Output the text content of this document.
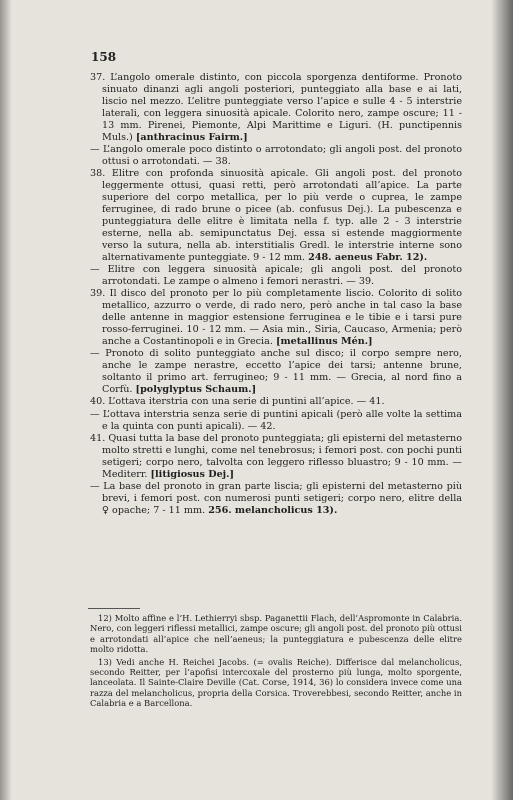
158

37. L’angolo omerale distinto, con piccola sporgenza dentiforme. Pronoto sinuato dinanzi agli angoli posteriori, punteggiato alla base e ai lati, liscio nel mezzo. L’elitre punteggiate verso l’apice e sulle 4 - 5 interstrie laterali, con leggera sinuosità apicale. Colorito nero, zampe oscure; 11 - 13 mm. Pirenei, Piemonte, Alpi Marittime e Liguri. (H. punctipennis Muls.) [anthracinus Fairm.]

— L’angolo omerale poco distinto o arrotondato; gli angoli post. del pronoto ottusi o arrotondati. — 38.

38. Elitre con profonda sinuosità apicale. Gli angoli post. del pronoto leggermente ottusi, quasi retti, però arrotondati all’apice. La parte superiore del corpo metallica, per lo più verde o cuprea, le zampe ferruginee, di rado brune o picee (ab. confusus Dej.). La pubescenza e punteggiatura delle elitre è limitata nella f. typ. alle 2 - 3 interstrie esterne, nella ab. semipunctatus Dej. essa si estende maggiormente verso la sutura, nella ab. interstitialis Gredl. le interstrie interne sono alternativamente punteggiate. 9 - 12 mm. 248. aeneus Fabr. 12).

— Elitre con leggera sinuosità apicale; gli angoli post. del pronoto arrotondati. Le zampe o almeno i femori nerastri. — 39.

39. Il disco del pronoto per lo più completamente liscio. Colorito di solito metallico, azzurro o verde, di rado nero, però anche in tal caso la base delle antenne in maggior estensione ferruginea e le tibie e i tarsi pure rosso-ferruginei. 10 - 12 mm. — Asia min., Siria, Caucaso, Armenia; però anche a Costantinopoli e in Grecia. [metallinus Mén.]

— Pronoto di solito punteggiato anche sul disco; il corpo sempre nero, anche le zampe nerastre, eccetto l’apice dei tarsi; antenne brune, soltanto il primo art. ferrugineo; 9 - 11 mm. — Grecia, al nord fino a Corfù. [polyglyptus Schaum.]

40. L’ottava iterstria con una serie di puntini all’apice. — 41.

— L’ottava interstria senza serie di puntini apicali (però alle volte la settima e la quinta con punti apicali). — 42.

41. Quasi tutta la base del pronoto punteggiata; gli episterni del metasterno molto stretti e lunghi, come nel tenebrosus; i femori post. con pochi punti setigeri; corpo nero, talvolta con leggero riflesso bluastro; 9 - 10 mm. — Mediterr. [litigiosus Dej.]

— La base del pronoto in gran parte liscia; gli episterni del metasterno più brevi, i femori post. con numerosi punti setigeri; corpo nero, elitre della ♀ opache; 7 - 11 mm. 256. melancholicus 13).

12) Molto affine e l’H. Lethierryi sbsp. Paganettii Flach, dell’Aspromonte in Calabria. Nero, con leggeri riflessi metallici, zampe oscure; gli angoli post. del pronoto più ottusi e arrotondati all’apice che nell’aeneus; la punteggiatura e pubescenza delle elitre molto ridotta.

13) Vedi anche H. Reichei Jacobs. (= ovalis Reiche). Differisce dal melancholicus, secondo Reitter, per l’apofisi intercoxale del prosterno più lunga, molto sporgente, lanceolata. Il Sainte-Claire Deville (Cat. Corse, 1914, 36) lo considera invece come una razza del melancholicus, propria della Corsica. Troverebbesi, secondo Reitter, anche in Calabria e a Barcellona.
